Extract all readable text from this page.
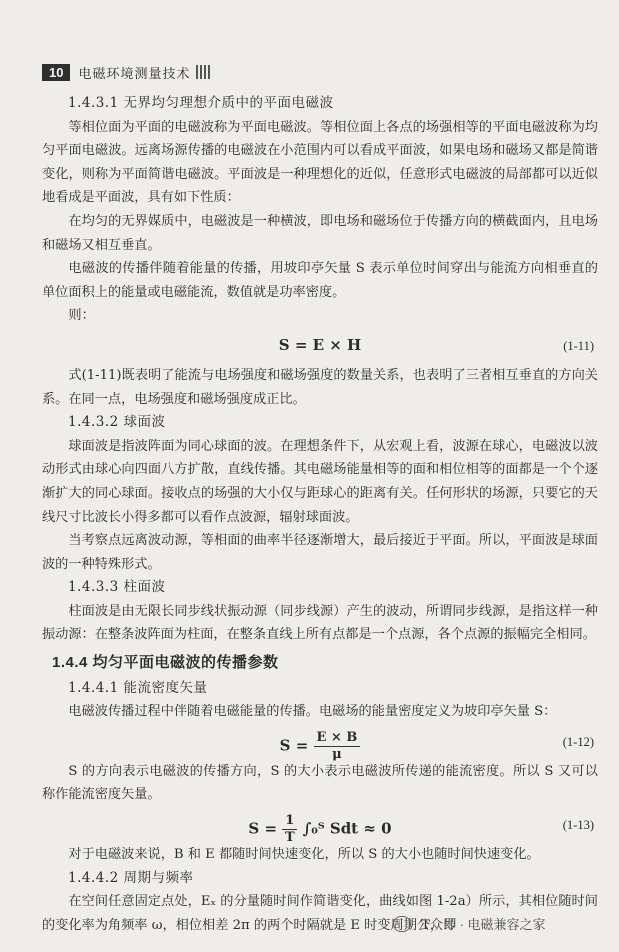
10	电磁环境测量技术
1.4.3.1 无界均匀理想介质中的平面电磁波

等相位面为平面的电磁波称为平面电磁波。等相位面上各点的场强相等的平面电磁波称为均匀平面电磁波。远离场源传播的电磁波在小范围内可以看成平面波，如果电场和磁场又都是简谐变化，则称为平面简谐电磁波。平面波是一种理想化的近似，任意形式电磁波的局部都可以近似地看成是平面波，具有如下性质：

在均匀的无界媒质中，电磁波是一种横波，即电场和磁场位于传播方向的横截面内，且电场和磁场又相互垂直。

电磁波的传播伴随着能量的传播，用坡印亭矢量 S 表示单位时间穿出与能流方向相垂直的单位面积上的能量或电磁能流，数值就是功率密度。

则：

S = E × H	(1-11)

式(1-11)既表明了能流与电场强度和磁场强度的数量关系，也表明了三者相互垂直的方向关系。在同一点，电场强度和磁场强度成正比。

1.4.3.2 球面波

球面波是指波阵面为同心球面的波。在理想条件下，从宏观上看，波源在球心，电磁波以波动形式由球心向四面八方扩散，直线传播。其电磁场能量相等的面和相位相等的面都是一个个逐渐扩大的同心球面。接收点的场强的大小仅与距球心的距离有关。任何形状的场源，只要它的天线尺寸比波长小得多都可以看作点波源，辐射球面波。

当考察点远离波动源，等相面的曲率半径逐渐增大，最后接近于平面。所以，平面波是球面波的一种特殊形式。

1.4.3.3 柱面波

柱面波是由无限长同步线状振动源（同步线源）产生的波动，所谓同步线源，是指这样一种振动源：在整条波阵面为柱面，在整条直线上所有点都是一个点源，各个点源的振幅完全相同。

1.4.4 均匀平面电磁波的传播参数
1.4.4.1 能流密度矢量

电磁波传播过程中伴随着电磁能量的传播。电磁场的能量密度定义为坡印亭矢量 S：

$S = \frac{E \times B}{\mu}$	(1-12)

S 的方向表示电磁波的传播方向，S 的大小表示电磁波所传递的能流密度。所以 S 又可以称作能流密度矢量。

$S = \frac{1}{T}$ ∫₀ᵀ Sdt ≈ 0	(1-13)

对于电磁波来说，B 和 E 都随时间快速变化，所以 S 的大小也随时间快速变化。

1.4.4.2 周期与频率

在空间任意固定点处，Eₓ 的分量随时间作简谐变化，曲线如图 1-2a）所示，其相位随时间的变化率为角频率 ω，相位相差 2π 的两个时隔就是 E 时变周期 T，即

公众号 · 电磁兼容之家
